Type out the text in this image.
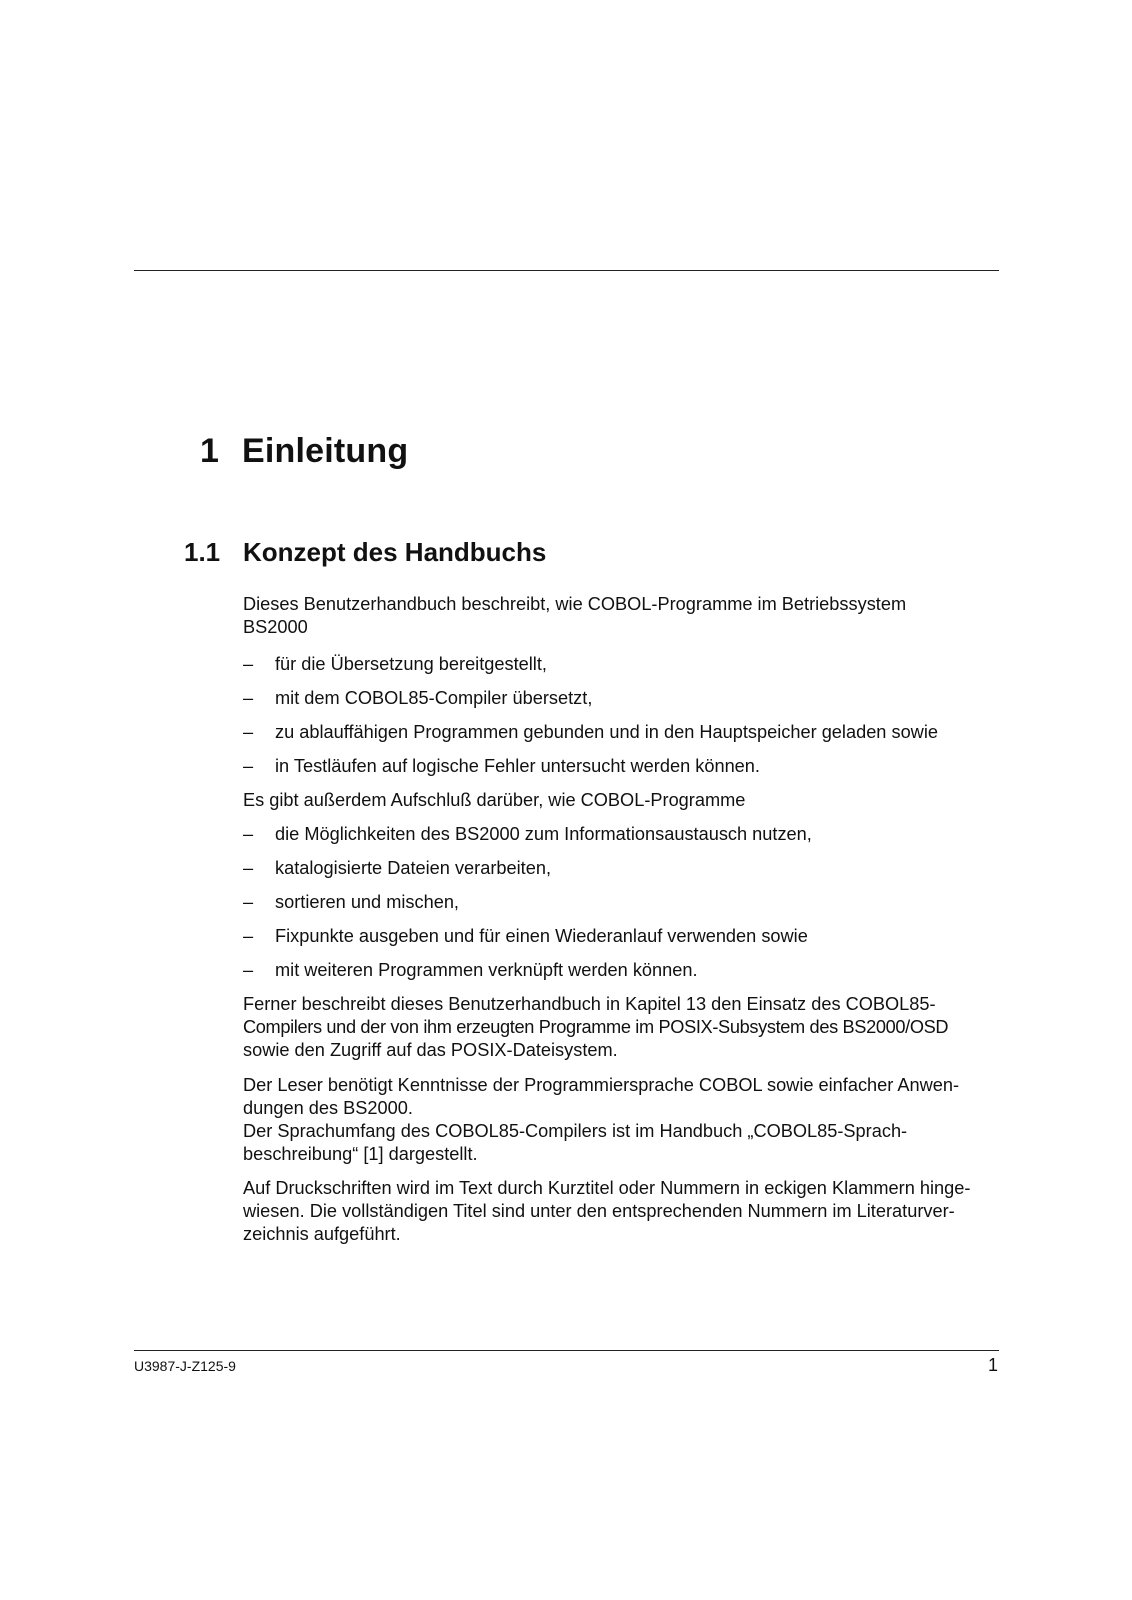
1 Einleitung
1.1 Konzept des Handbuchs

Dieses Benutzerhandbuch beschreibt, wie COBOL-Programme im Betriebssystem

BS2000

– für die Übersetzung bereitgestellt,
– mit dem COBOL85-Compiler übersetzt,
– zu ablauffähigen Programmen gebunden und in den Hauptspeicher geladen sowie
– in Testläufen auf logische Fehler untersucht werden können.

Es gibt außerdem Aufschluß darüber, wie COBOL-Programme

– die Möglichkeiten des BS2000 zum Informationsaustausch nutzen,
– katalogisierte Dateien verarbeiten,
– sortieren und mischen,
– Fixpunkte ausgeben und für einen Wiederanlauf verwenden sowie
– mit weiteren Programmen verknüpft werden können.

Ferner beschreibt dieses Benutzerhandbuch in Kapitel 13 den Einsatz des COBOL85-

Compilers und der von ihm erzeugten Programme im POSIX-Subsystem des BS2000/OSD

sowie den Zugriff auf das POSIX-Dateisystem.

Der Leser benötigt Kenntnisse der Programmiersprache COBOL sowie einfacher Anwen-

dungen des BS2000.

Der Sprachumfang des COBOL85-Compilers ist im Handbuch „COBOL85-Sprach-

beschreibung“ [1] dargestellt.

Auf Druckschriften wird im Text durch Kurztitel oder Nummern in eckigen Klammern hinge-

wiesen. Die vollständigen Titel sind unter den entsprechenden Nummern im Literaturver-

zeichnis aufgeführt.

U3987-J-Z125-9	1
